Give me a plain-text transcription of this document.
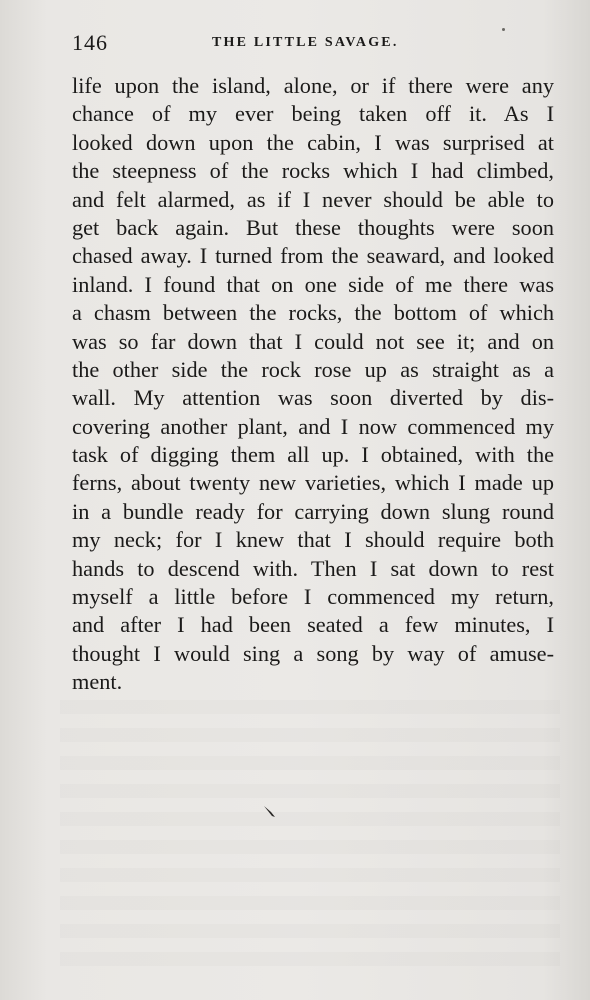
146	THE LITTLE SAVAGE.
life upon the island, alone, or if there were any
chance of my ever being taken off it. As I
looked down upon the cabin, I was surprised at
the steepness of the rocks which I had climbed,
and felt alarmed, as if I never should be able to
get back again. But these thoughts were soon
chased away. I turned from the seaward, and looked
inland. I found that on one side of me there was
a chasm between the rocks, the bottom of which
was so far down that I could not see it; and on
the other side the rock rose up as straight as a
wall. My attention was soon diverted by dis-
covering another plant, and I now commenced my
task of digging them all up. I obtained, with the
ferns, about twenty new varieties, which I made up
in a bundle ready for carrying down slung round
my neck; for I knew that I should require both
hands to descend with. Then I sat down to rest
myself a little before I commenced my return,
and after I had been seated a few minutes, I
thought I would sing a song by way of amuse-
ment.
